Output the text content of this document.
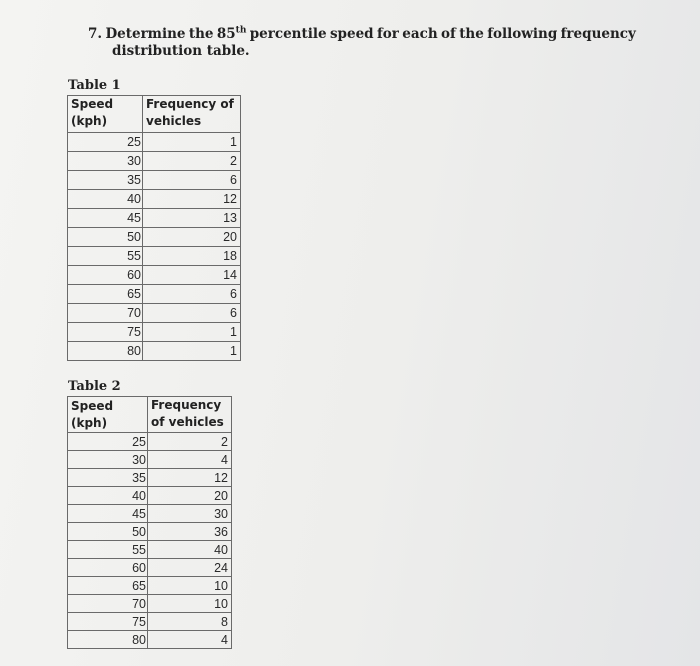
7. Determine the 85th percentile speed for each of the following frequency
distribution table.
Table 1
Speed
(kph)	Frequency of
vehicles
25	1
30	2
35	6
40	12
45	13
50	20
55	18
60	14
65	6
70	6
75	1
80	1
Table 2
Speed (kph)	Frequency
of vehicles
25	2
30	4
35	12
40	20
45	30
50	36
55	40
60	24
65	10
70	10
75	8
80	4
